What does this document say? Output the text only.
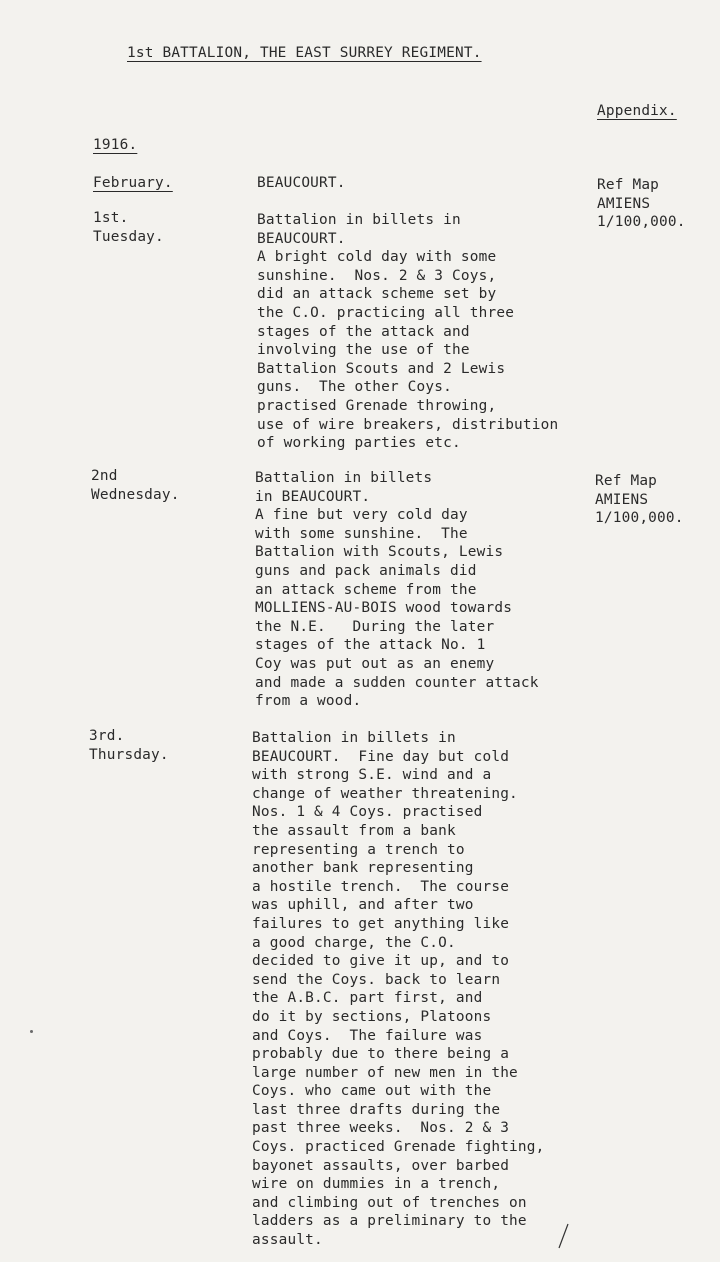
1st BATTALION, THE EAST SURREY REGIMENT.
Appendix.
1916.
February.	BEAUCOURT.	Ref Map
AMIENS
1/100,000.
1st.
Tuesday.
Battalion in billets in
BEAUCOURT.
A bright cold day with some
sunshine.  Nos. 2 & 3 Coys,
did an attack scheme set by
the C.O. practicing all three
stages of the attack and
involving the use of the
Battalion Scouts and 2 Lewis
guns.  The other Coys.
practised Grenade throwing,
use of wire breakers, distribution
of working parties etc.
2nd
Wednesday.
Ref Map
AMIENS
1/100,000.
Battalion in billets
in BEAUCOURT.
A fine but very cold day
with some sunshine.  The
Battalion with Scouts, Lewis
guns and pack animals did
an attack scheme from the
MOLLIENS-AU-BOIS wood towards
the N.E.   During the later
stages of the attack No. 1
Coy was put out as an enemy
and made a sudden counter attack
from a wood.
3rd.
Thursday.
Battalion in billets in
BEAUCOURT.  Fine day but cold
with strong S.E. wind and a
change of weather threatening.
Nos. 1 & 4 Coys. practised
the assault from a bank
representing a trench to
another bank representing
a hostile trench.  The course
was uphill, and after two
failures to get anything like
a good charge, the C.O.
decided to give it up, and to
send the Coys. back to learn
the A.B.C. part first, and
do it by sections, Platoons
and Coys.  The failure was
probably due to there being a
large number of new men in the
Coys. who came out with the
last three drafts during the
past three weeks.  Nos. 2 & 3
Coys. practiced Grenade fighting,
bayonet assaults, over barbed
wire on dummies in a trench,
and climbing out of trenches on
ladders as a preliminary to the
assault.
